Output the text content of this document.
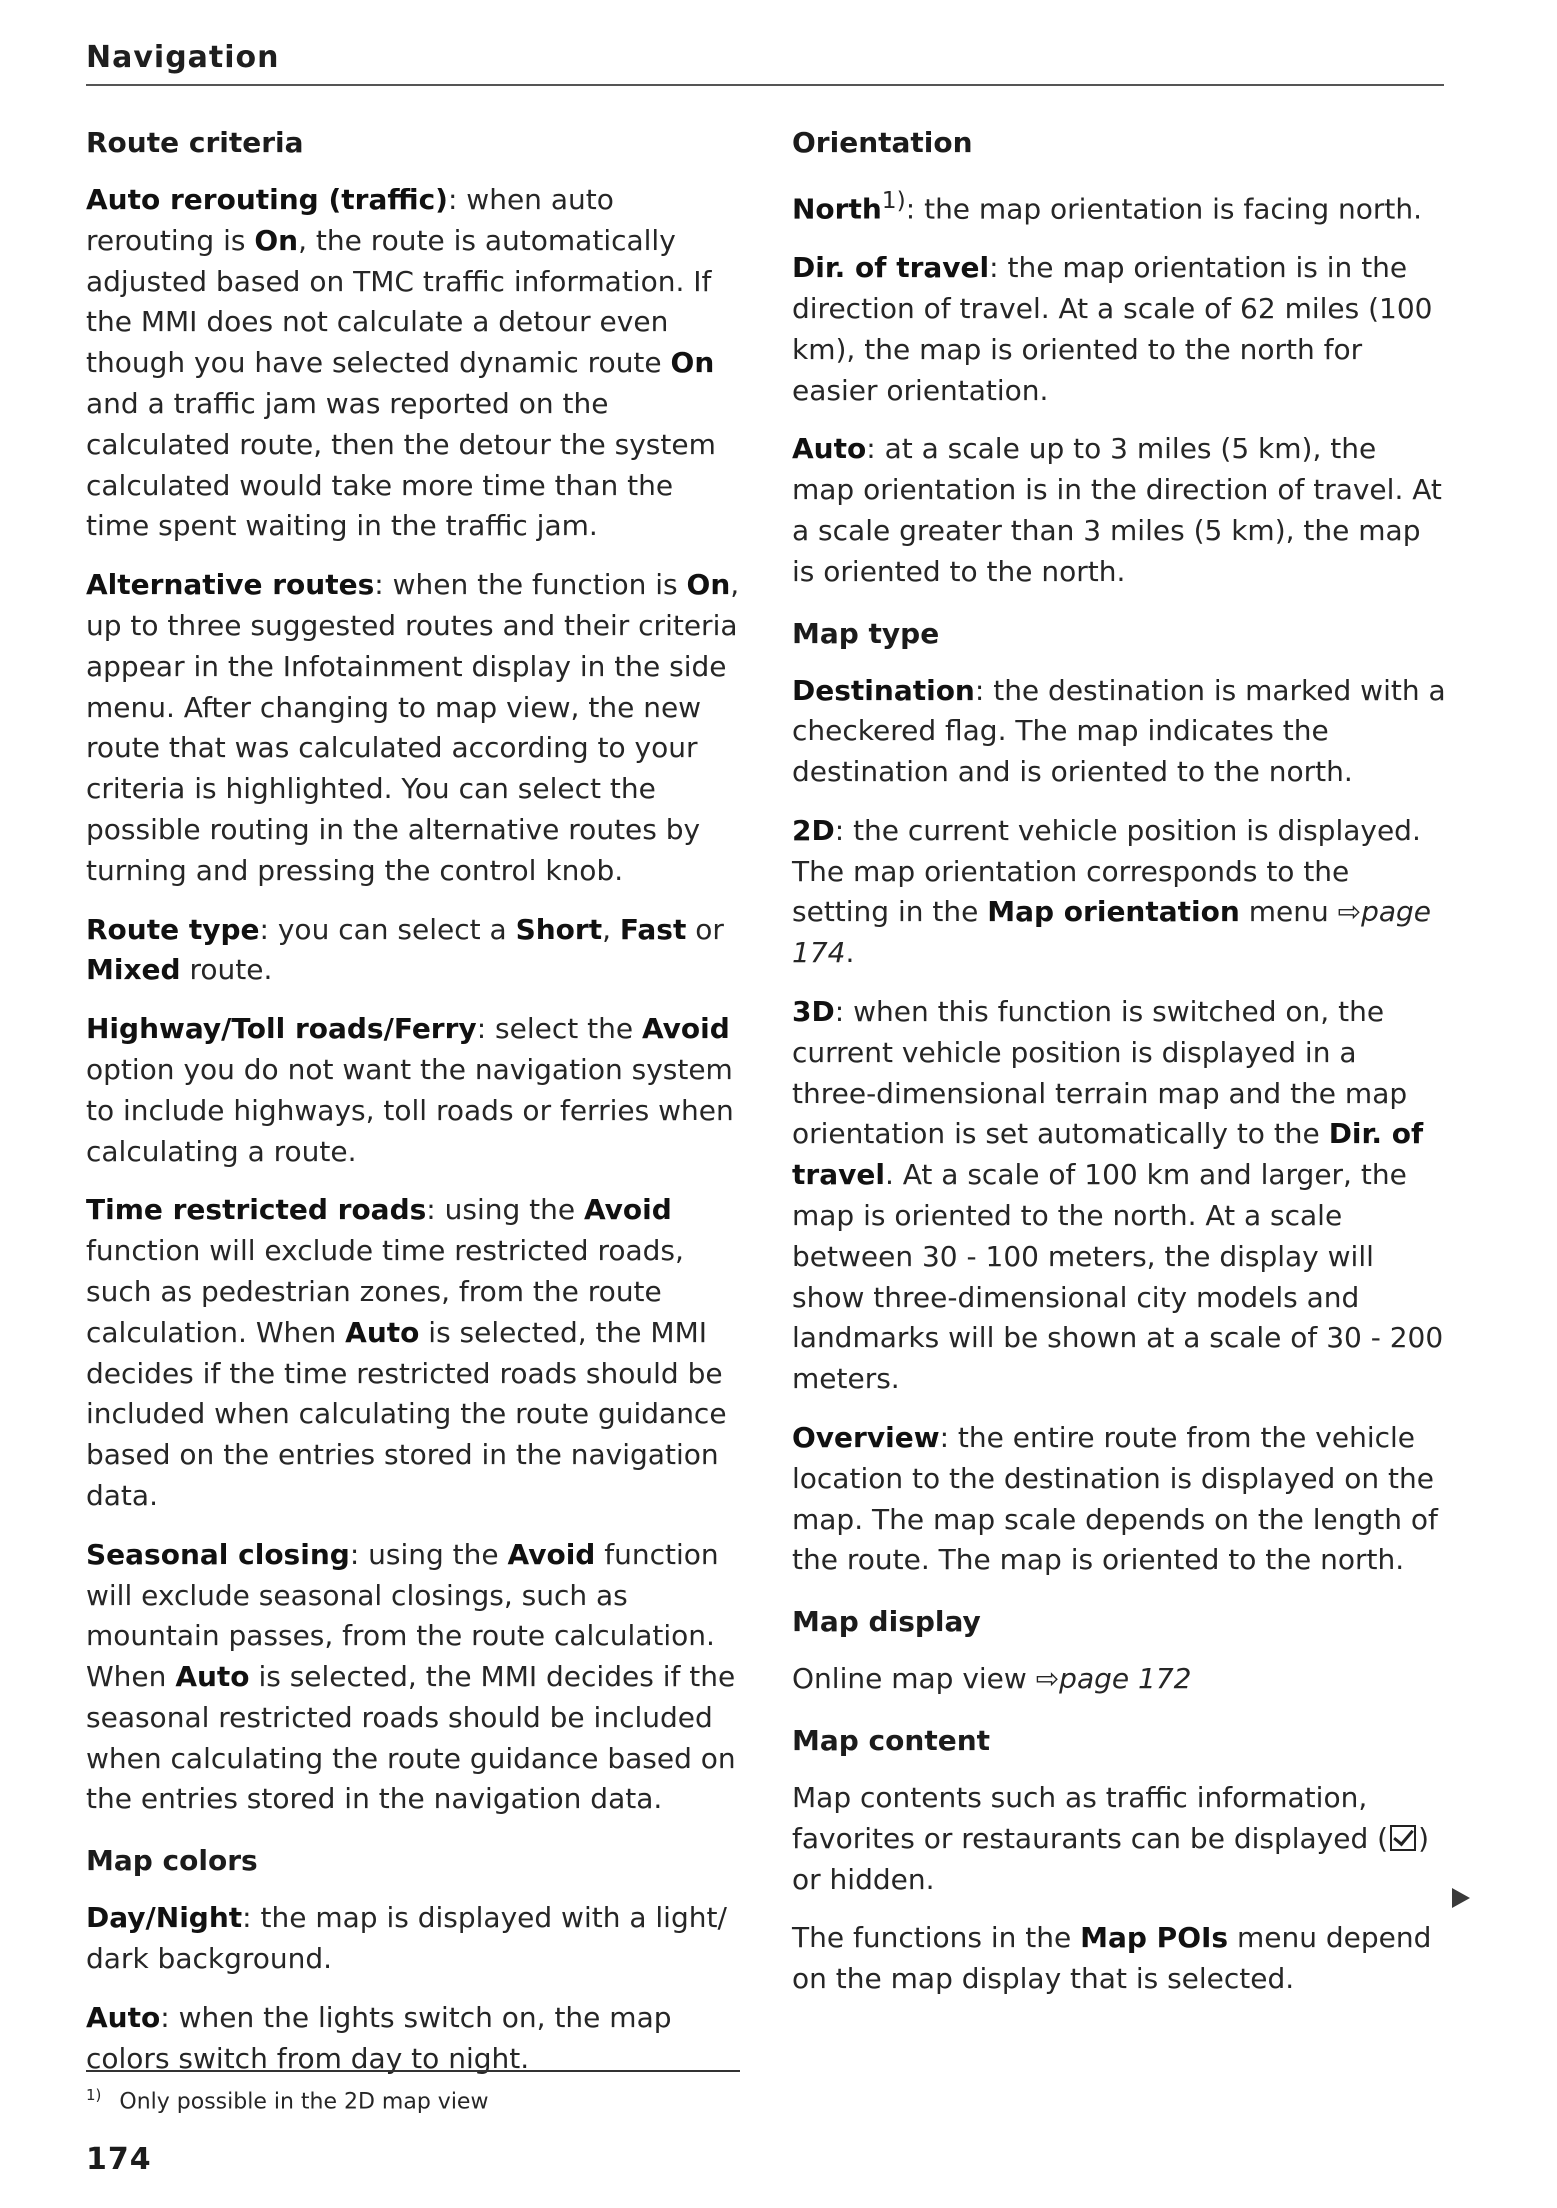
Navigation
Route criteria

Auto rerouting (traffic): when auto rerouting is On, the route is automatically adjusted based on TMC traffic information. If the MMI does not calculate a detour even though you have selected dynamic route On and a traffic jam was reported on the calculated route, then the detour the system calculated would take more time than the time spent waiting in the traffic jam.

Alternative routes: when the function is On, up to three suggested routes and their criteria appear in the Infotainment display in the side menu. After changing to map view, the new route that was calculated according to your criteria is highlighted. You can select the possible routing in the alternative routes by turning and pressing the control knob.

Route type: you can select a Short, Fast or Mixed route.

Highway/Toll roads/Ferry: select the Avoid option you do not want the navigation system to include highways, toll roads or ferries when calculating a route.

Time restricted roads: using the Avoid function will exclude time restricted roads, such as pedestrian zones, from the route calculation. When Auto is selected, the MMI decides if the time restricted roads should be included when calculating the route guidance based on the entries stored in the navigation data.

Seasonal closing: using the Avoid function will exclude seasonal closings, such as mountain passes, from the route calculation. When Auto is selected, the MMI decides if the seasonal restricted roads should be included when calculating the route guidance based on the entries stored in the navigation data.

Map colors

Day/Night: the map is displayed with a light/ dark background.

Auto: when the lights switch on, the map colors switch from day to night.

Orientation

North$^{1)}$: the map orientation is facing north.

Dir. of travel: the map orientation is in the direction of travel. At a scale of 62 miles (100 km), the map is oriented to the north for easier orientation.

Auto: at a scale up to 3 miles (5 km), the map orientation is in the direction of travel. At a scale greater than 3 miles (5 km), the map is oriented to the north.

Map type

Destination: the destination is marked with a checkered flag. The map indicates the destination and is oriented to the north.

2D: the current vehicle position is displayed. The map orientation corresponds to the setting in the Map orientation menu ⇨page 174.

3D: when this function is switched on, the current vehicle position is displayed in a three-dimensional terrain map and the map orientation is set automatically to the Dir. of travel. At a scale of 100 km and larger, the map is oriented to the north. At a scale between 30 - 100 meters, the display will show three-dimensional city models and landmarks will be shown at a scale of 30 - 200 meters.

Overview: the entire route from the vehicle location to the destination is displayed on the map. The map scale depends on the length of the route. The map is oriented to the north.

Map display

Online map view ⇨page 172

Map content

Map contents such as traffic information, favorites or restaurants can be displayed ( ) or hidden.

The functions in the Map POIs menu depend on the map display that is selected.

$^{1)}$ Only possible in the 2D map view
174
